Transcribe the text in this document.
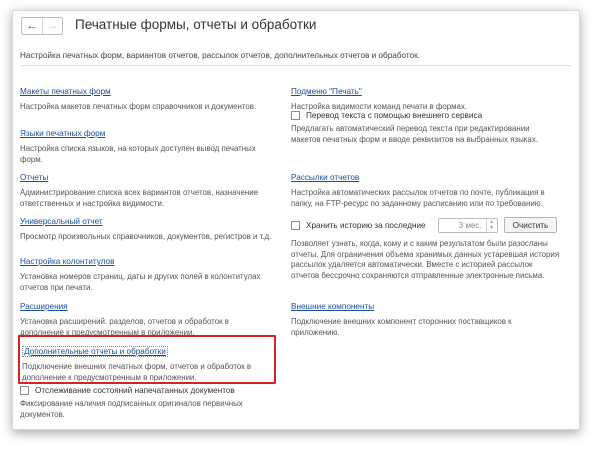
← → Печатные формы, отчеты и обработки
Настройка печатных форм, вариантов отчетов, рассылок отчетов, дополнительных отчетов и обработок.
Макеты печатных форм
Настройка макетов печатных форм справочников и документов.
Языки печатных форм
Настройка списка языков, на которых доступен вывод печатных форм.
Отчеты
Администрирование списка всех вариантов отчетов, назначение ответственных и настройка видимости.
Универсальный отчет
Просмотр произвольных справочников, документов, регистров и т.д.
Настройка колонтитулов
Установка номеров страниц, даты и других полей в колонтитулах отчетов при печати.
Расширения
Установка расширений: разделов, отчетов и обработок в дополнение к предусмотренным в приложении.
Дополнительные отчеты и обработки
Подключение внешних печатных форм, отчетов и обработок в дополнение к предусмотренным в приложении.
Отслеживание состояний напечатанных документов
Фиксирование наличия подписанных оригиналов первичных документов.
Подменю "Печать"
Настройка видимости команд печати в формах.
Перевод текста с помощью внешнего сервиса
Предлагать автоматический перевод текста при редактировании макетов печатных форм и вводе реквизитов на выбранных языках.
Рассылки отчетов
Настройка автоматических рассылок отчетов по почте, публикация в папку, на FTP-ресурс по заданному расписанию или по требованию.
Хранить историю за последние	3 мес.	▲
▼	Очистить
Позволяет узнать, когда, кому и с каким результатом были разосланы отчеты. Для ограничения объема хранимых данных устаревшая история рассылок удаляется автоматически. Вместе с историей рассылок отчетов бессрочно сохраняются отправленные электронные письма.
Внешние компоненты
Подключение внешних компонент сторонних поставщиков к приложению.
